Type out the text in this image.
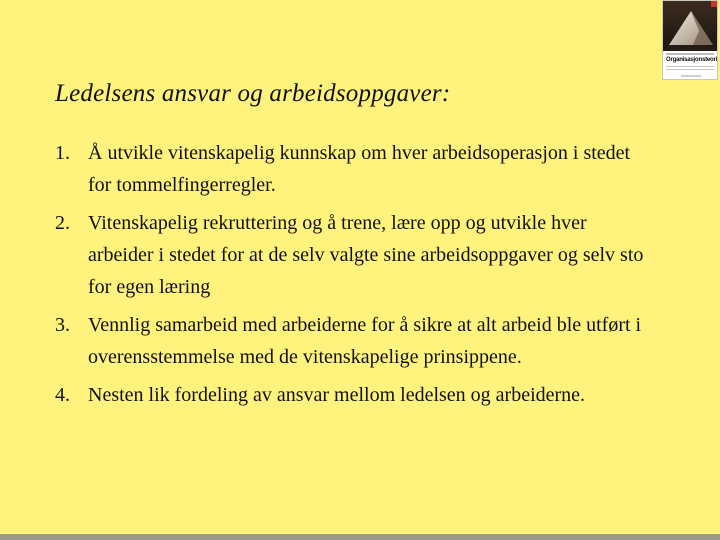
Organisasjonsteori
Ledelsens ansvar og arbeidsoppgaver:
1. Å utvikle vitenskapelig kunnskap om hver arbeidsoperasjon i stedet for tommelfingerregler.
2. Vitenskapelig rekruttering og å trene, lære opp og utvikle hver arbeider i stedet for at de selv valgte sine arbeidsoppgaver og selv sto for egen læring
3. Vennlig samarbeid med arbeiderne for å sikre at alt arbeid ble utført i overensstemmelse med de vitenskapelige prinsippene.
4. Nesten lik fordeling av ansvar mellom ledelsen og arbeiderne.
